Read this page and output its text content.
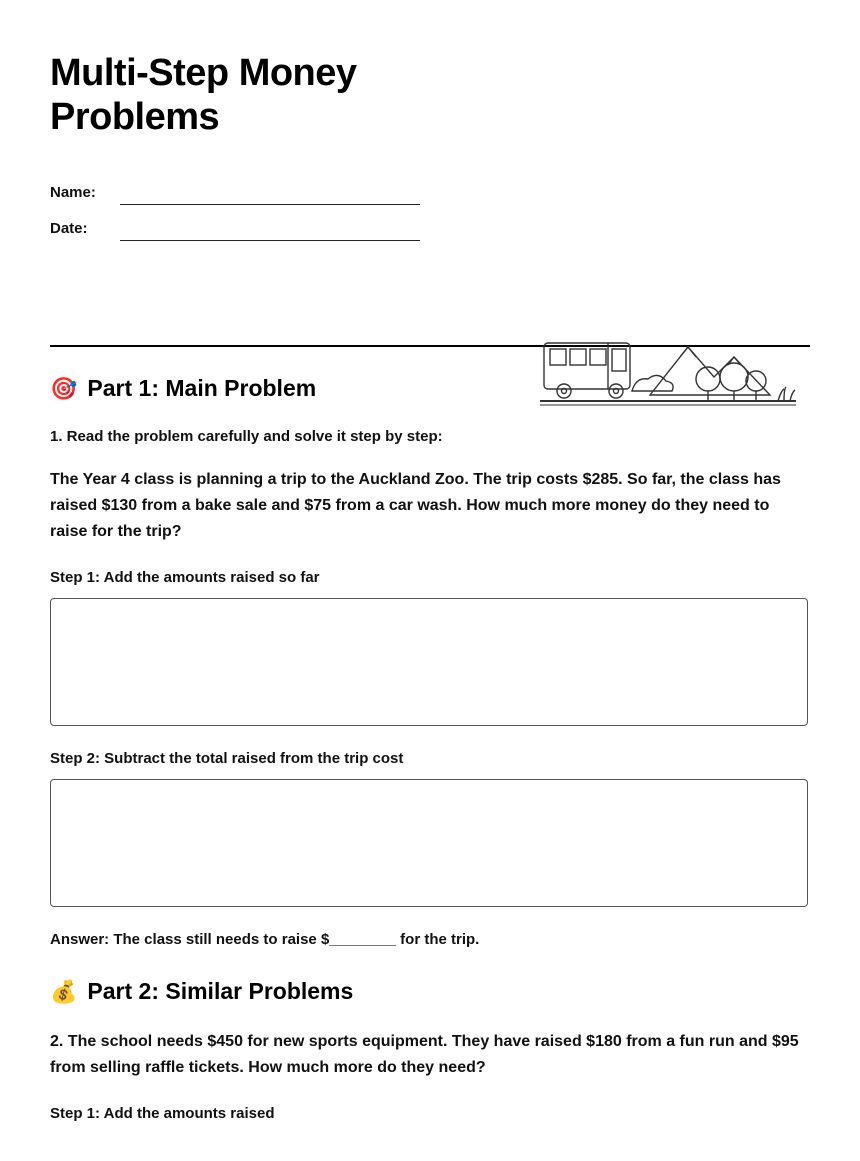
Multi-Step Money Problems
Name:
Date:
🎯 Part 1: Main Problem
1. Read the problem carefully and solve it step by step:
The Year 4 class is planning a trip to the Auckland Zoo. The trip costs $285. So far, the class has raised $130 from a bake sale and $75 from a car wash. How much more money do they need to raise for the trip?
Step 1: Add the amounts raised so far
Step 2: Subtract the total raised from the trip cost
Answer: The class still needs to raise $________ for the trip.
💰 Part 2: Similar Problems
2. The school needs $450 for new sports equipment. They have raised $180 from a fun run and $95 from selling raffle tickets. How much more do they need?
Step 1: Add the amounts raised
